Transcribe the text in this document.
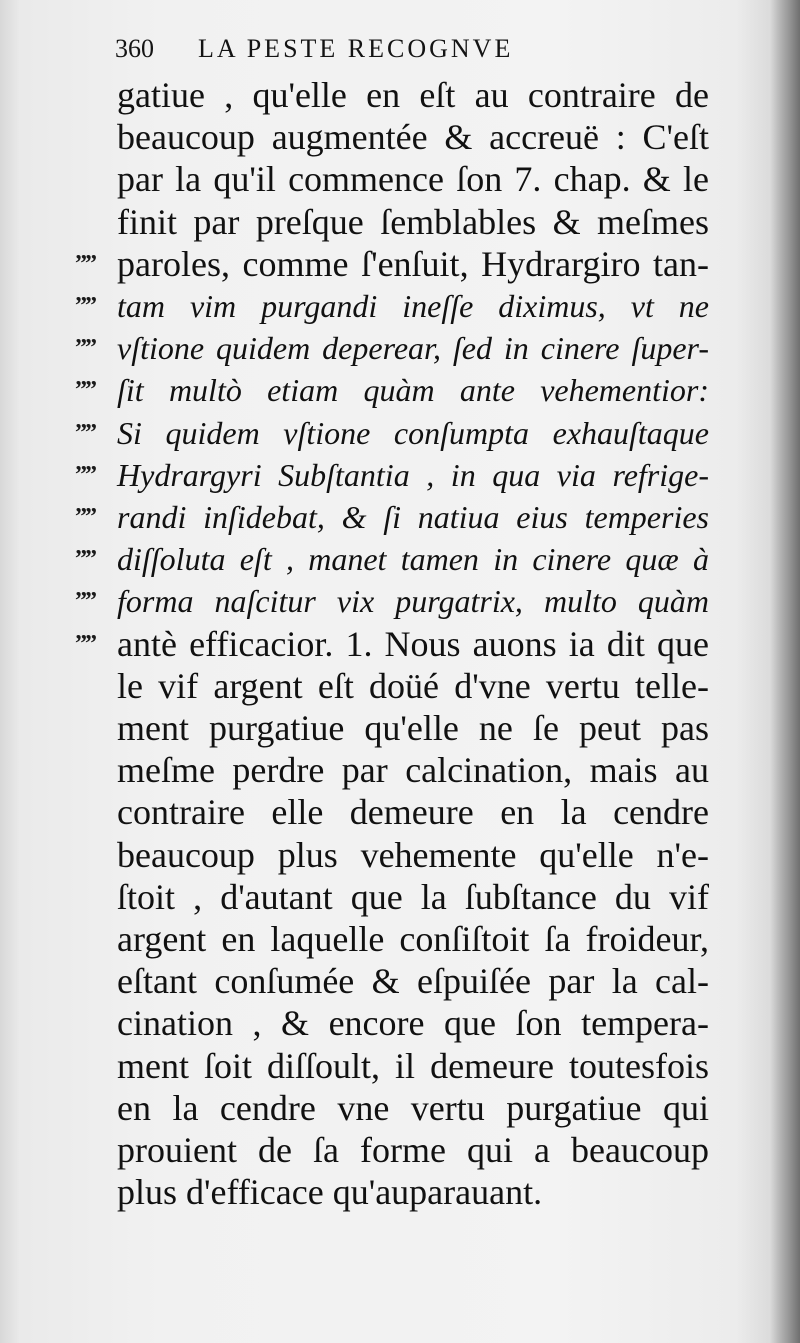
360 LA PESTE RECOGNVE
gatiue , qu'elle en eſt au contraire de
beaucoup augmentée & accreuë : C'eſt
par la qu'il commence ſon 7. chap. & le
finit par preſque ſemblables & meſmes
paroles, comme ſ'enſuit, Hydrargiro tan-
””
tam vim purgandi ineſſe diximus, vt ne
””
vſtione quidem deperear, ſed in cinere ſuper-
””
ſit multò etiam quàm ante vehementior:
””
Si quidem vſtione conſumpta exhauſtaque
””
Hydrargyri Subſtantia , in qua via refrige-
””
randi inſidebat, & ſi natiua eius temperies
””
diſſoluta eſt , manet tamen in cinere quæ à
””
forma naſcitur vix purgatrix, multo quàm
””
antè efficacior. 1. Nous auons ia dit que
””
le vif argent eſt doüé d'vne vertu telle-
ment purgatiue qu'elle ne ſe peut pas
meſme perdre par calcination, mais au
contraire elle demeure en la cendre
beaucoup plus vehemente qu'elle n'e-
ſtoit , d'autant que la ſubſtance du vif
argent en laquelle conſiſtoit ſa froideur,
eſtant conſumée & eſpuiſée par la cal-
cination , & encore que ſon tempera-
ment ſoit diſſoult, il demeure toutesfois
en la cendre vne vertu purgatiue qui
prouient de ſa forme qui a beaucoup
plus d'efficace qu'auparauant.
